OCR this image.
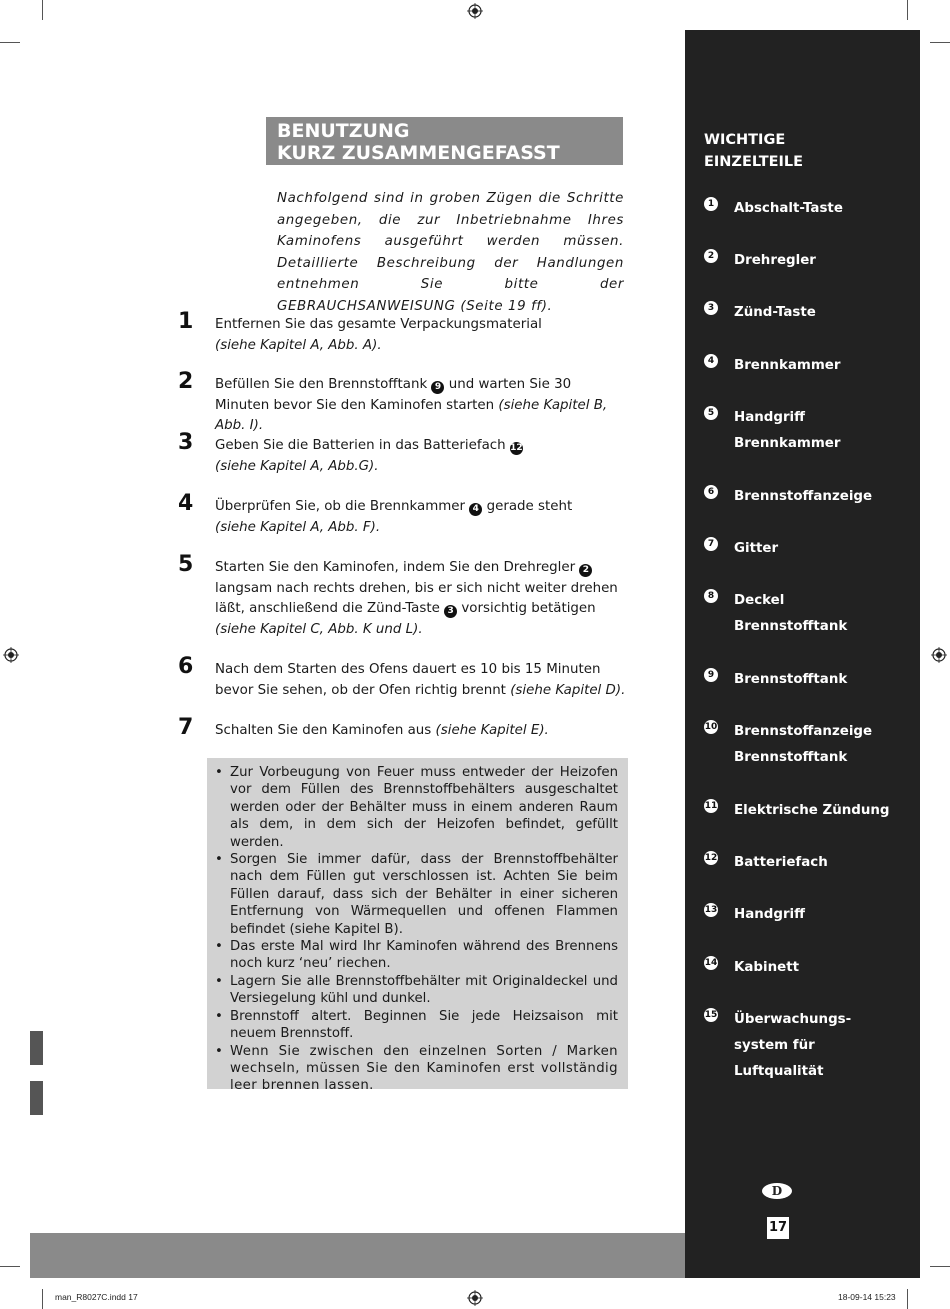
BENUTZUNG
KURZ ZUSAMMENGEFASST
Nachfolgend sind in groben Zügen die Schritte angegeben, die zur Inbetriebnahme Ihres Kaminofens ausgeführt werden müssen. Detaillierte Beschreibung der Handlungen entnehmen Sie bitte der GEBRAUCHSANWEISUNG (Seite 19 ff).
1 Entfernen Sie das gesamte Verpackungsmaterial
(siehe Kapitel A, Abb. A).
2 Befüllen Sie den Brennstofftank 9 und warten Sie 30 Minuten bevor Sie den Kaminofen starten (siehe Kapitel B, Abb. I).
3 Geben Sie die Batterien in das Batteriefach 12
(siehe Kapitel A, Abb.G).
4 Überprüfen Sie, ob die Brennkammer 4 gerade steht
(siehe Kapitel A, Abb. F).
5 Starten Sie den Kaminofen, indem Sie den Drehregler 2 langsam nach rechts drehen, bis er sich nicht weiter drehen läßt, anschließend die Zünd-Taste 3 vorsichtig betätigen (siehe Kapitel C, Abb. K und L).
6 Nach dem Starten des Ofens dauert es 10 bis 15 Minuten bevor Sie sehen, ob der Ofen richtig brennt (siehe Kapitel D).
7 Schalten Sie den Kaminofen aus (siehe Kapitel E).
• Zur Vorbeugung von Feuer muss entweder der Heizofen vor dem Füllen des Brennstoffbehälters ausgeschaltet werden oder der Behälter muss in einem anderen Raum als dem, in dem sich der Heizofen befindet, gefüllt werden.
• Sorgen Sie immer dafür, dass der Brennstoffbehälter nach dem Füllen gut verschlossen ist. Achten Sie beim Füllen darauf, dass sich der Behälter in einer sicheren Entfernung von Wärmequellen und offenen Flammen befindet (siehe Kapitel B).
• Das erste Mal wird Ihr Kaminofen während des Brennens noch kurz ‘neu’ riechen.
• Lagern Sie alle Brennstoffbehälter mit Originaldeckel und Versiegelung kühl und dunkel.
• Brennstoff altert. Beginnen Sie jede Heizsaison mit neuem Brennstoff.
• Wenn Sie zwischen den einzelnen Sorten / Marken wechseln, müssen Sie den Kaminofen erst vollständig leer brennen lassen.
WICHTIGE
EINZELTEILE
1 Abschalt-Taste
2 Drehregler
3 Zünd-Taste
4 Brennkammer
5 Handgriff
Brennkammer
6 Brennstoffanzeige
7 Gitter
8 Deckel
Brennstofftank
9 Brennstofftank
10 Brennstoffanzeige
Brennstofftank
11 Elektrische Zündung
12 Batteriefach
13 Handgriff
14 Kabinett
15 Überwachungs-
system für
Luftqualität
D
17
man_R8027C.indd 17	18-09-14 15:23
